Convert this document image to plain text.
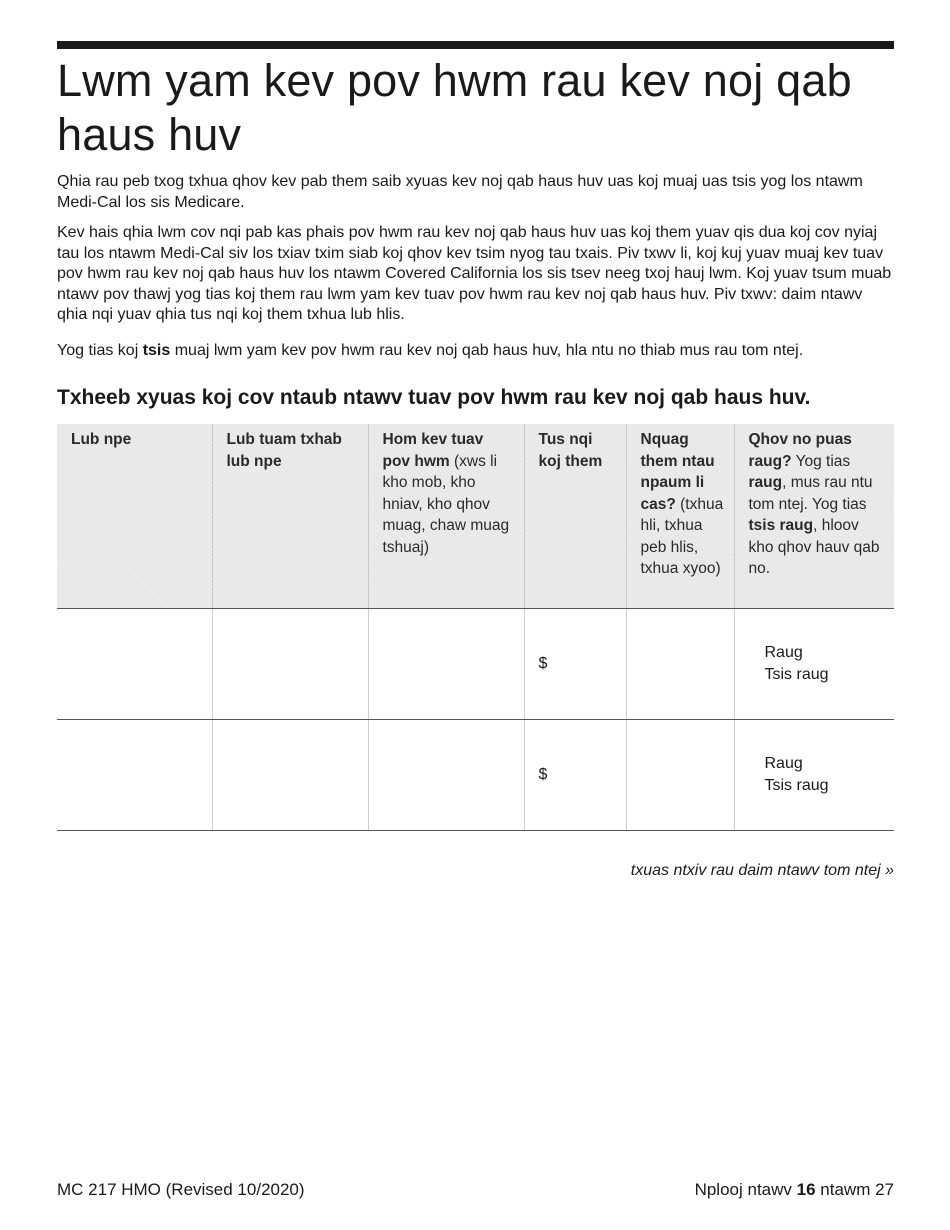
Lwm yam kev pov hwm rau kev noj qab haus huv

Qhia rau peb txog txhua qhov kev pab them saib xyuas kev noj qab haus huv uas koj muaj uas tsis yog los ntawm Medi-Cal los sis Medicare.

Kev hais qhia lwm cov nqi pab kas phais pov hwm rau kev noj qab haus huv uas koj them yuav qis dua koj cov nyiaj tau los ntawm Medi-Cal siv los txiav txim siab koj qhov kev tsim nyog tau txais. Piv txwv li, koj kuj yuav muaj kev tuav pov hwm rau kev noj qab haus huv los ntawm Covered California los sis tsev neeg txoj hauj lwm. Koj yuav tsum muab ntawv pov thawj yog tias koj them rau lwm yam kev tuav pov hwm rau kev noj qab haus huv. Piv txwv: daim ntawv qhia nqi yuav qhia tus nqi koj them txhua lub hlis.

Yog tias koj tsis muaj lwm yam kev pov hwm rau kev noj qab haus huv, hla ntu no thiab mus rau tom ntej.

Txheeb xyuas koj cov ntaub ntawv tuav pov hwm rau kev noj qab haus huv.
Lub npe	Lub tuam txhab lub npe	Hom kev tuav pov hwm (xws li kho mob, kho hniav, kho qhov muag, chaw muag tshuaj)	Tus nqi koj them	Nquag them ntau npaum li cas? (txhua hli, txhua peb hlis, txhua xyoo)	Qhov no puas raug? Yog tias raug, mus rau ntu tom ntej. Yog tias tsis raug, hloov kho qhov hauv qab no.
			$		Raug
Tsis raug

			$		Raug
Tsis raug
txuas ntxiv rau daim ntawv tom ntej »
MC 217 HMO (Revised 10/2020)	Nplooj ntawv 16 ntawm 27
